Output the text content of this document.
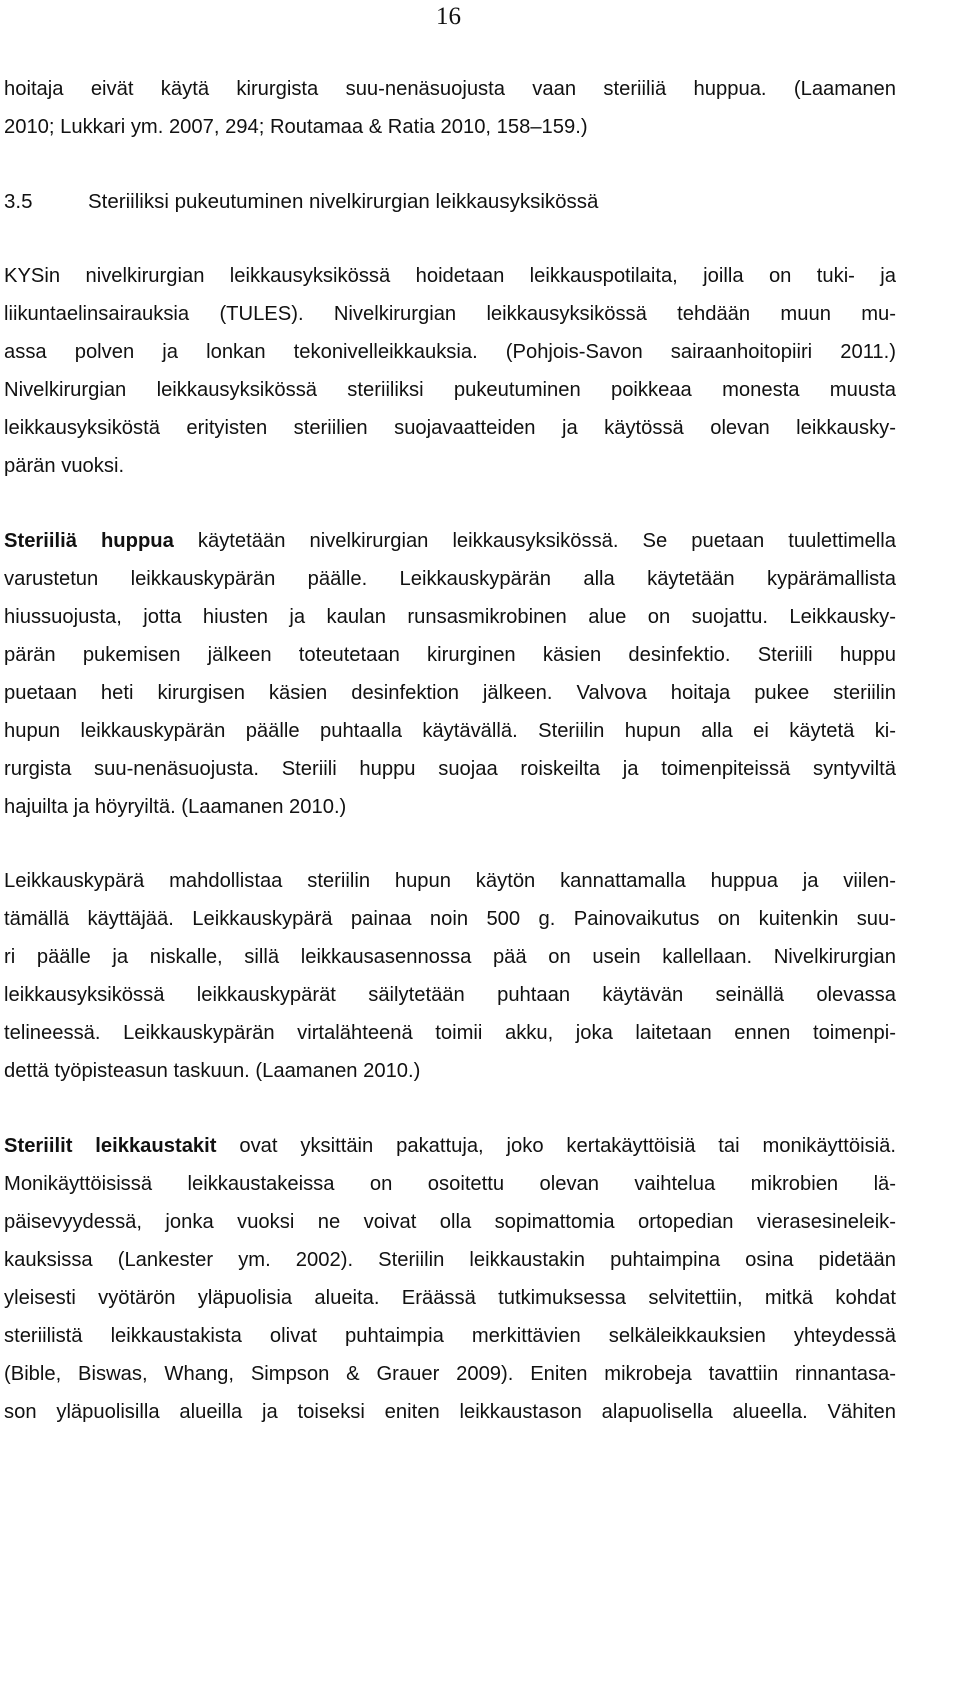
16
hoitaja eivät käytä kirurgista suu-nenäsuojusta vaan steriiliä huppua. (Laamanen
2010; Lukkari ym. 2007, 294; Routamaa & Ratia 2010, 158–159.)
3.5	Steriiliksi pukeutuminen nivelkirurgian leikkausyksikössä
KYSin nivelkirurgian leikkausyksikössä hoidetaan leikkauspotilaita, joilla on tuki- ja
liikuntaelinsairauksia (TULES). Nivelkirurgian leikkausyksikössä tehdään muun mu-
assa polven ja lonkan tekonivelleikkauksia. (Pohjois-Savon sairaanhoitopiiri 2011.)
Nivelkirurgian leikkausyksikössä steriiliksi pukeutuminen poikkeaa monesta muusta
leikkausyksiköstä erityisten steriilien suojavaatteiden ja käytössä olevan leikkausky-
pärän vuoksi.
Steriiliä huppua käytetään nivelkirurgian leikkausyksikössä. Se puetaan tuulettimella
varustetun leikkauskypärän päälle. Leikkauskypärän alla käytetään kypärämallista
hiussuojusta, jotta hiusten ja kaulan runsasmikrobinen alue on suojattu. Leikkausky-
pärän pukemisen jälkeen toteutetaan kirurginen käsien desinfektio. Steriili huppu
puetaan heti kirurgisen käsien desinfektion jälkeen. Valvova hoitaja pukee steriilin
hupun leikkauskypärän päälle puhtaalla käytävällä. Steriilin hupun alla ei käytetä ki-
rurgista suu-nenäsuojusta. Steriili huppu suojaa roiskeilta ja toimenpiteissä syntyviltä
hajuilta ja höyryiltä. (Laamanen 2010.)
Leikkauskypärä mahdollistaa steriilin hupun käytön kannattamalla huppua ja viilen-
tämällä käyttäjää. Leikkauskypärä painaa noin 500 g. Painovaikutus on kuitenkin suu-
ri päälle ja niskalle, sillä leikkausasennossa pää on usein kallellaan. Nivelkirurgian
leikkausyksikössä leikkauskypärät säilytetään puhtaan käytävän seinällä olevassa
telineessä. Leikkauskypärän virtalähteenä toimii akku, joka laitetaan ennen toimenpi-
dettä työpisteasun taskuun. (Laamanen 2010.)
Steriilit leikkaustakit ovat yksittäin pakattuja, joko kertakäyttöisiä tai monikäyttöisiä.
Monikäyttöisissä leikkaustakeissa on osoitettu olevan vaihtelua mikrobien lä-
päisevyydessä, jonka vuoksi ne voivat olla sopimattomia ortopedian vierasesineleik-
kauksissa (Lankester ym. 2002). Steriilin leikkaustakin puhtaimpina osina pidetään
yleisesti vyötärön yläpuolisia alueita. Eräässä tutkimuksessa selvitettiin, mitkä kohdat
steriilistä leikkaustakista olivat puhtaimpia merkittävien selkäleikkauksien yhteydessä
(Bible, Biswas, Whang, Simpson & Grauer 2009). Eniten mikrobeja tavattiin rinnantasa-
son yläpuolisilla alueilla ja toiseksi eniten leikkaustason alapuolisella alueella. Vähiten
